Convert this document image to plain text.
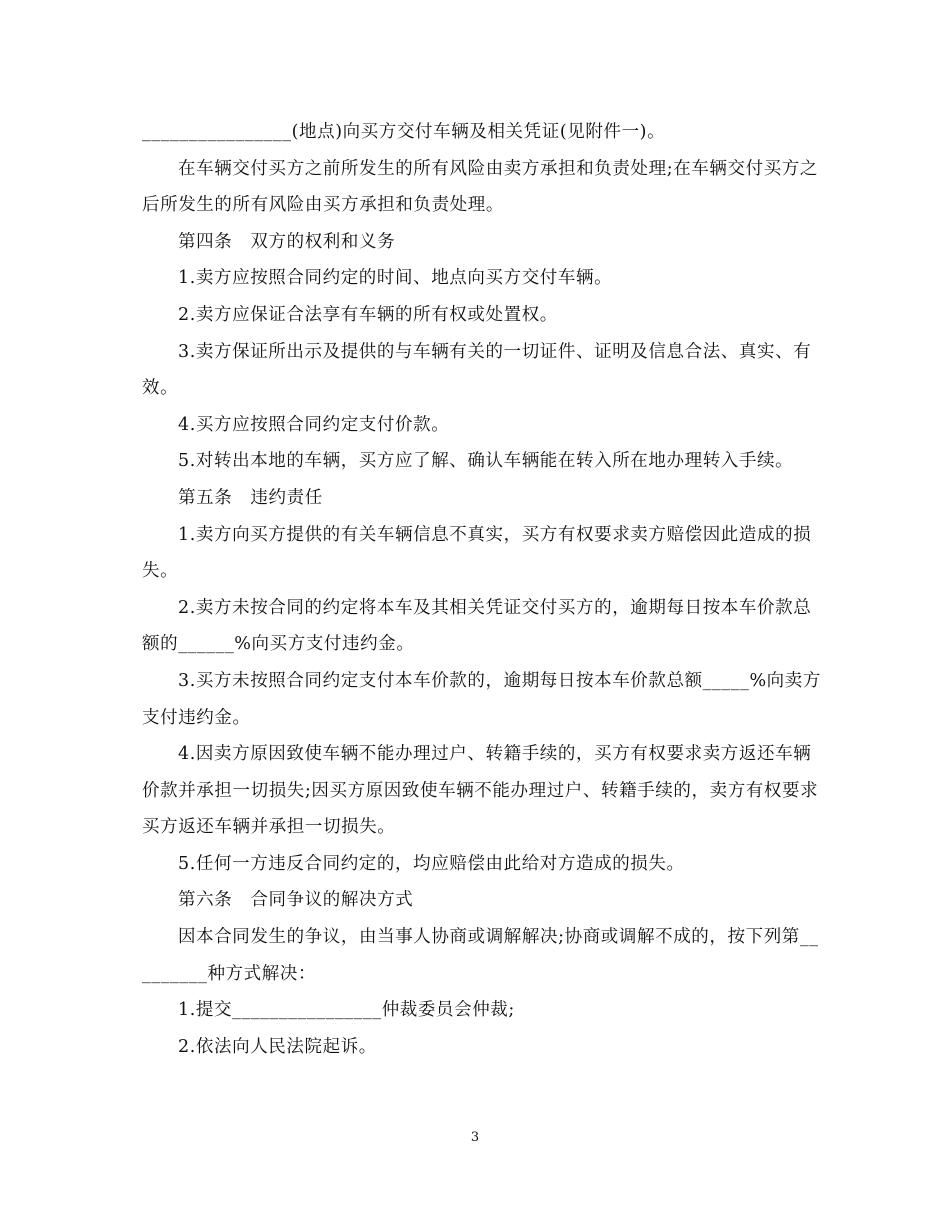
________________(地点)向买方交付车辆及相关凭证(见附件一)。

在车辆交付买方之前所发生的所有风险由卖方承担和负责处理;在车辆交付买方之后所发生的所有风险由买方承担和负责处理。

第四条　双方的权利和义务

1.卖方应按照合同约定的时间、地点向买方交付车辆。

2.卖方应保证合法享有车辆的所有权或处置权。

3.卖方保证所出示及提供的与车辆有关的一切证件、证明及信息合法、真实、有效。

4.买方应按照合同约定支付价款。

5.对转出本地的车辆，买方应了解、确认车辆能在转入所在地办理转入手续。

第五条　违约责任

1.卖方向买方提供的有关车辆信息不真实，买方有权要求卖方赔偿因此造成的损失。

2.卖方未按合同的约定将本车及其相关凭证交付买方的，逾期每日按本车价款总额的______%向买方支付违约金。

3.买方未按照合同约定支付本车价款的，逾期每日按本车价款总额_____%向卖方支付违约金。

4.因卖方原因致使车辆不能办理过户、转籍手续的，买方有权要求卖方返还车辆价款并承担一切损失;因买方原因致使车辆不能办理过户、转籍手续的，卖方有权要求买方返还车辆并承担一切损失。

5.任何一方违反合同约定的，均应赔偿由此给对方造成的损失。

第六条　合同争议的解决方式

因本合同发生的争议，由当事人协商或调解解决;协商或调解不成的，按下列第_________种方式解决：

1.提交________________仲裁委员会仲裁;

2.依法向人民法院起诉。

3
